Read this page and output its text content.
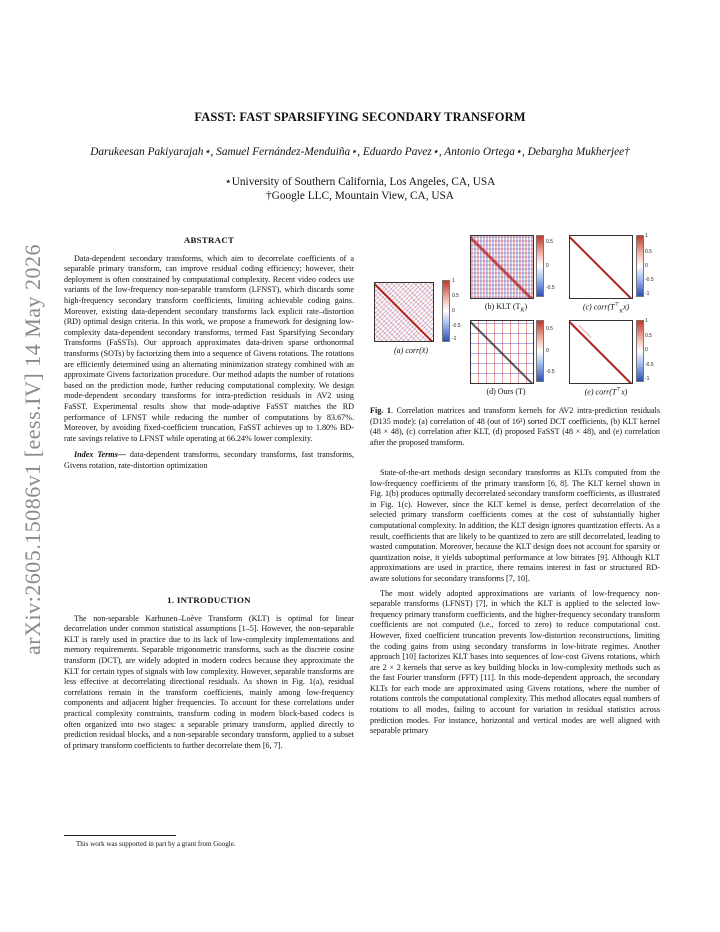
FASST: FAST SPARSIFYING SECONDARY TRANSFORM
Darukeesan Pakiyarajah⋆, Samuel Fernández-Menduiña⋆, Eduardo Pavez⋆, Antonio Ortega⋆, Debargha Mukherjee†
⋆University of Southern California, Los Angeles, CA, USA
†Google LLC, Mountain View, CA, USA
arXiv:2605.15086v1 [eess.IV] 14 May 2026
ABSTRACT

Data-dependent secondary transforms, which aim to decorrelate coefficients of a separable primary transform, can improve residual coding efficiency; however, their deployment is often constrained by computational complexity. Recent video codecs use variants of the low-frequency non-separable transform (LFNST), which discards some high-frequency secondary transform coefficients, limiting achievable coding gains. Moreover, existing data-dependent secondary transforms lack explicit rate–distortion (RD) optimal design criteria. In this work, we propose a framework for designing low-complexity data-dependent secondary transforms, termed Fast Sparsifying Secondary Transforms (FaSSTs). Our approach approximates data-driven sparse orthonormal transforms (SOTs) by factorizing them into a sequence of Givens rotations. The rotations are efficiently determined using an alternating minimization strategy combined with an approximate Givens factorization procedure. Our method adapts the number of rotations based on the prediction mode, further reducing computational complexity. We design mode-dependent secondary transforms for intra-prediction residuals in AV2 using FaSST. Experimental results show that mode-adaptive FaSST matches the RD performance of LFNST while reducing the number of computations by 83.67%. Moreover, by avoiding fixed-coefficient truncation, FaSST achieves up to 1.80% BD-rate savings relative to LFNST while operating at 66.24% lower complexity.

Index Terms— data-dependent transforms, secondary transforms, fast transforms, Givens rotation, rate-distortion optimization

1. INTRODUCTION

The non-separable Karhunen–Loève Transform (KLT) is optimal for linear decorrelation under common statistical assumptions [1–5]. However, the non-separable KLT is rarely used in practice due to its lack of low-complexity implementations and memory requirements. Separable trigonometric transforms, such as the discrete cosine transform (DCT), are widely adopted in modern codecs because they approximate the KLT for certain types of signals with low complexity. However, separable transforms are less effective at decorrelating directional residuals. As shown in Fig. 1(a), residual correlations remain in the transform coefficients, mainly among low-frequency components and adjacent higher frequencies. To account for these correlations under practical complexity constraints, transform coding in modern block-based codecs is often organized into two stages: a separable primary transform, applied directly to prediction residual blocks, and a non-separable secondary transform, applied to a subset of primary transform coefficients to further decorrelate them [6, 7].

This work was supported in part by a grant from Google.
1
0.5
0
-0.5
-1
(a) corr(x̂)
0.5
0
-0.5
(b) KLT $(T_K)$
1
0.5
0
-0.5
-1
(c) $corr(T^⊤_Kx)$
0.5
0
-0.5
(d) Ours (T)
1
0.5
0
-0.5
-1
(e) corr(T⊤x)

Fig. 1. Correlation matrices and transform kernels for AV2 intra-prediction residuals (D135 mode): (a) correlation of 48 (out of 16²) sorted DCT coefficients, (b) KLT kernel (48 × 48), (c) correlation after KLT, (d) proposed FaSST (48 × 48), and (e) correlation after the proposed transform.

State-of-the-art methods design secondary transforms as KLTs computed from the low-frequency coefficients of the primary transform [6, 8]. The KLT kernel shown in Fig. 1(b) produces optimally decorrelated secondary transform coefficients, as illustrated in Fig. 1(c). However, since the KLT kernel is dense, perfect decorrelation of the selected primary transform coefficients comes at the cost of substantially higher computational complexity. In addition, the KLT design ignores quantization effects. As a result, coefficients that are likely to be quantized to zero are still decorrelated, leading to wasted computation. Moreover, because the KLT design does not account for sparsity or quantization noise, it yields suboptimal performance at low bitrates [9]. Although KLT approximations are used in practice, there remains interest in fast or structured RD-aware solutions for secondary transforms [7, 10].

The most widely adopted approximations are variants of low-frequency non-separable transforms (LFNST) [7], in which the KLT is applied to the selected low-frequency primary transform coefficients, and the higher-frequency secondary transform coefficients are not computed (i.e., forced to zero) to reduce computational cost. However, fixed coefficient truncation prevents low-distortion reconstructions, limiting the coding gains from using secondary transforms in low-bitrate regimes. Another approach [10] factorizes KLT bases into sequences of low-cost Givens rotations, which are 2 × 2 kernels that serve as key building blocks in low-complexity methods such as the fast Fourier transform (FFT) [11]. In this mode-dependent approach, the secondary KLTs for each mode are approximated using Givens rotations, where the number of rotations controls the computational complexity. This method allocates equal numbers of rotations to all modes, failing to account for variation in residual statistics across prediction modes. For instance, horizontal and vertical modes are well aligned with separable primary
